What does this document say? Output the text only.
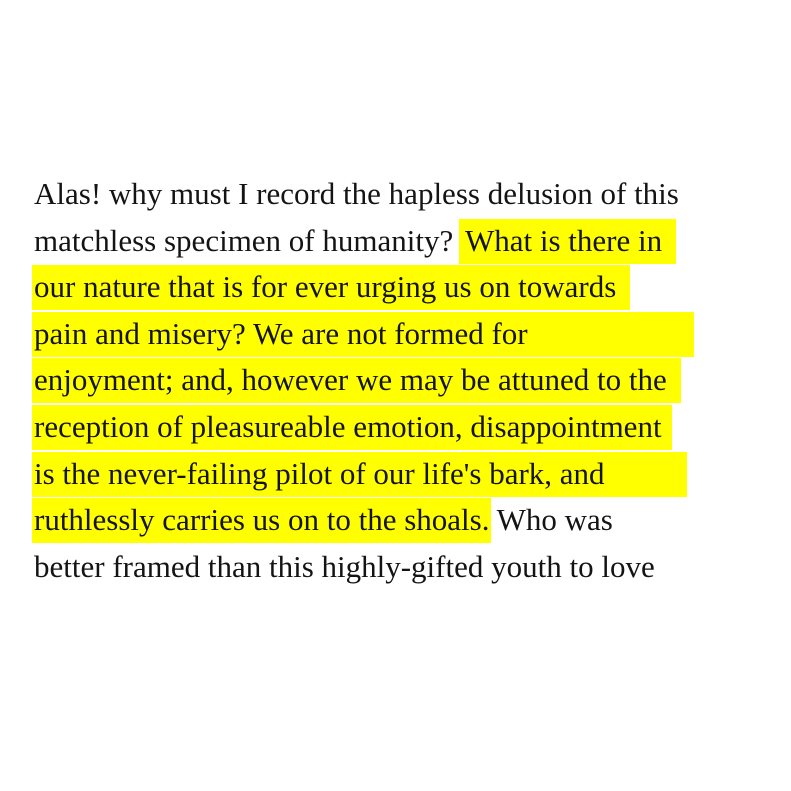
Alas! why must I record the hapless delusion of this
matchless specimen of humanity? What is there in
our nature that is for ever urging us on towards
pain and misery? We are not formed for
enjoyment; and, however we may be attuned to the
reception of pleasureable emotion, disappointment
is the never-failing pilot of our life's bark, and
ruthlessly carries us on to the shoals. Who was
better framed than this highly-gifted youth to love
